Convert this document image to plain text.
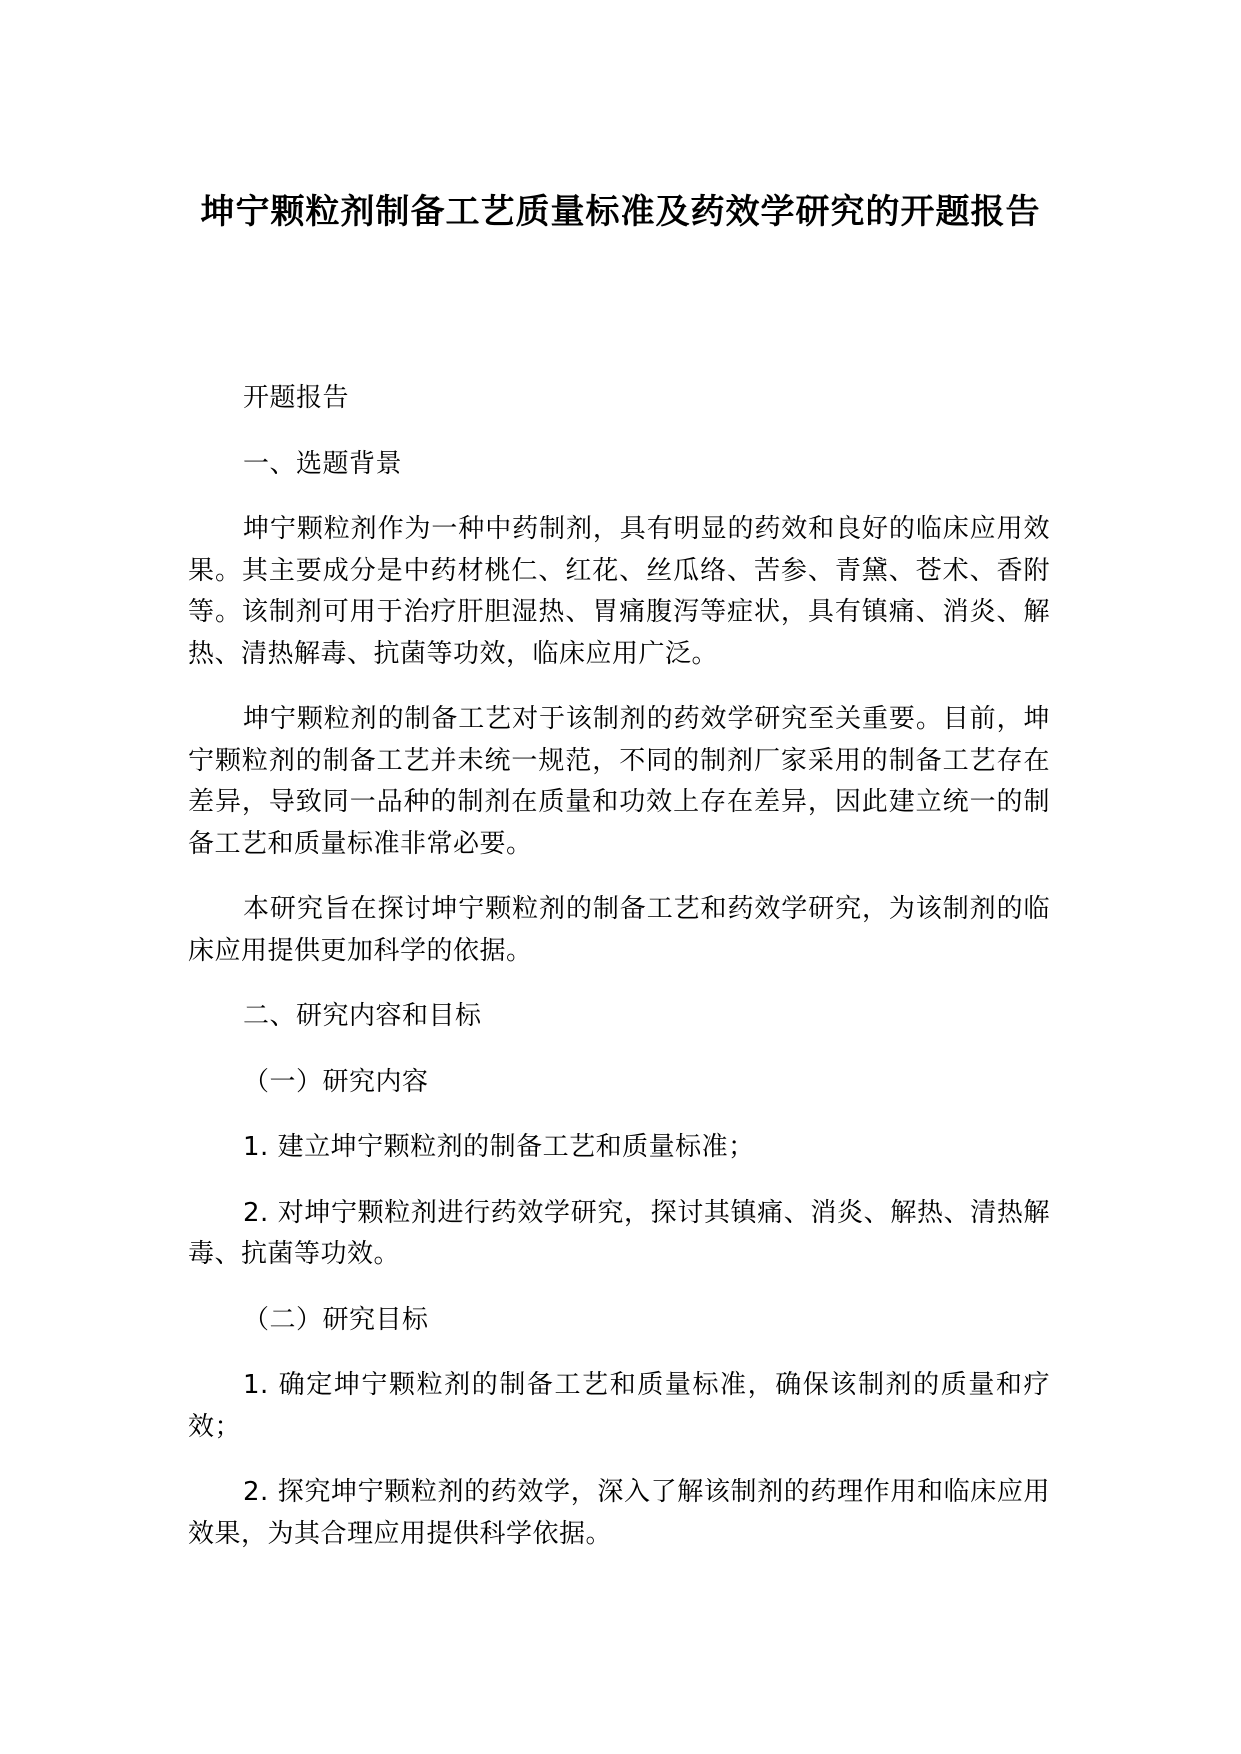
坤宁颗粒剂制备工艺质量标准及药效学研究的开题报告

开题报告

一、选题背景

坤宁颗粒剂作为一种中药制剂，具有明显的药效和良好的临床应用效果。其主要成分是中药材桃仁、红花、丝瓜络、苦参、青黛、苍术、香附等。该制剂可用于治疗肝胆湿热、胃痛腹泻等症状，具有镇痛、消炎、解热、清热解毒、抗菌等功效，临床应用广泛。

坤宁颗粒剂的制备工艺对于该制剂的药效学研究至关重要。目前，坤宁颗粒剂的制备工艺并未统一规范，不同的制剂厂家采用的制备工艺存在差异，导致同一品种的制剂在质量和功效上存在差异，因此建立统一的制备工艺和质量标准非常必要。

本研究旨在探讨坤宁颗粒剂的制备工艺和药效学研究，为该制剂的临床应用提供更加科学的依据。

二、研究内容和目标

（一）研究内容

1. 建立坤宁颗粒剂的制备工艺和质量标准；

2. 对坤宁颗粒剂进行药效学研究，探讨其镇痛、消炎、解热、清热解毒、抗菌等功效。

（二）研究目标

1. 确定坤宁颗粒剂的制备工艺和质量标准，确保该制剂的质量和疗效；

2. 探究坤宁颗粒剂的药效学，深入了解该制剂的药理作用和临床应用效果，为其合理应用提供科学依据。
